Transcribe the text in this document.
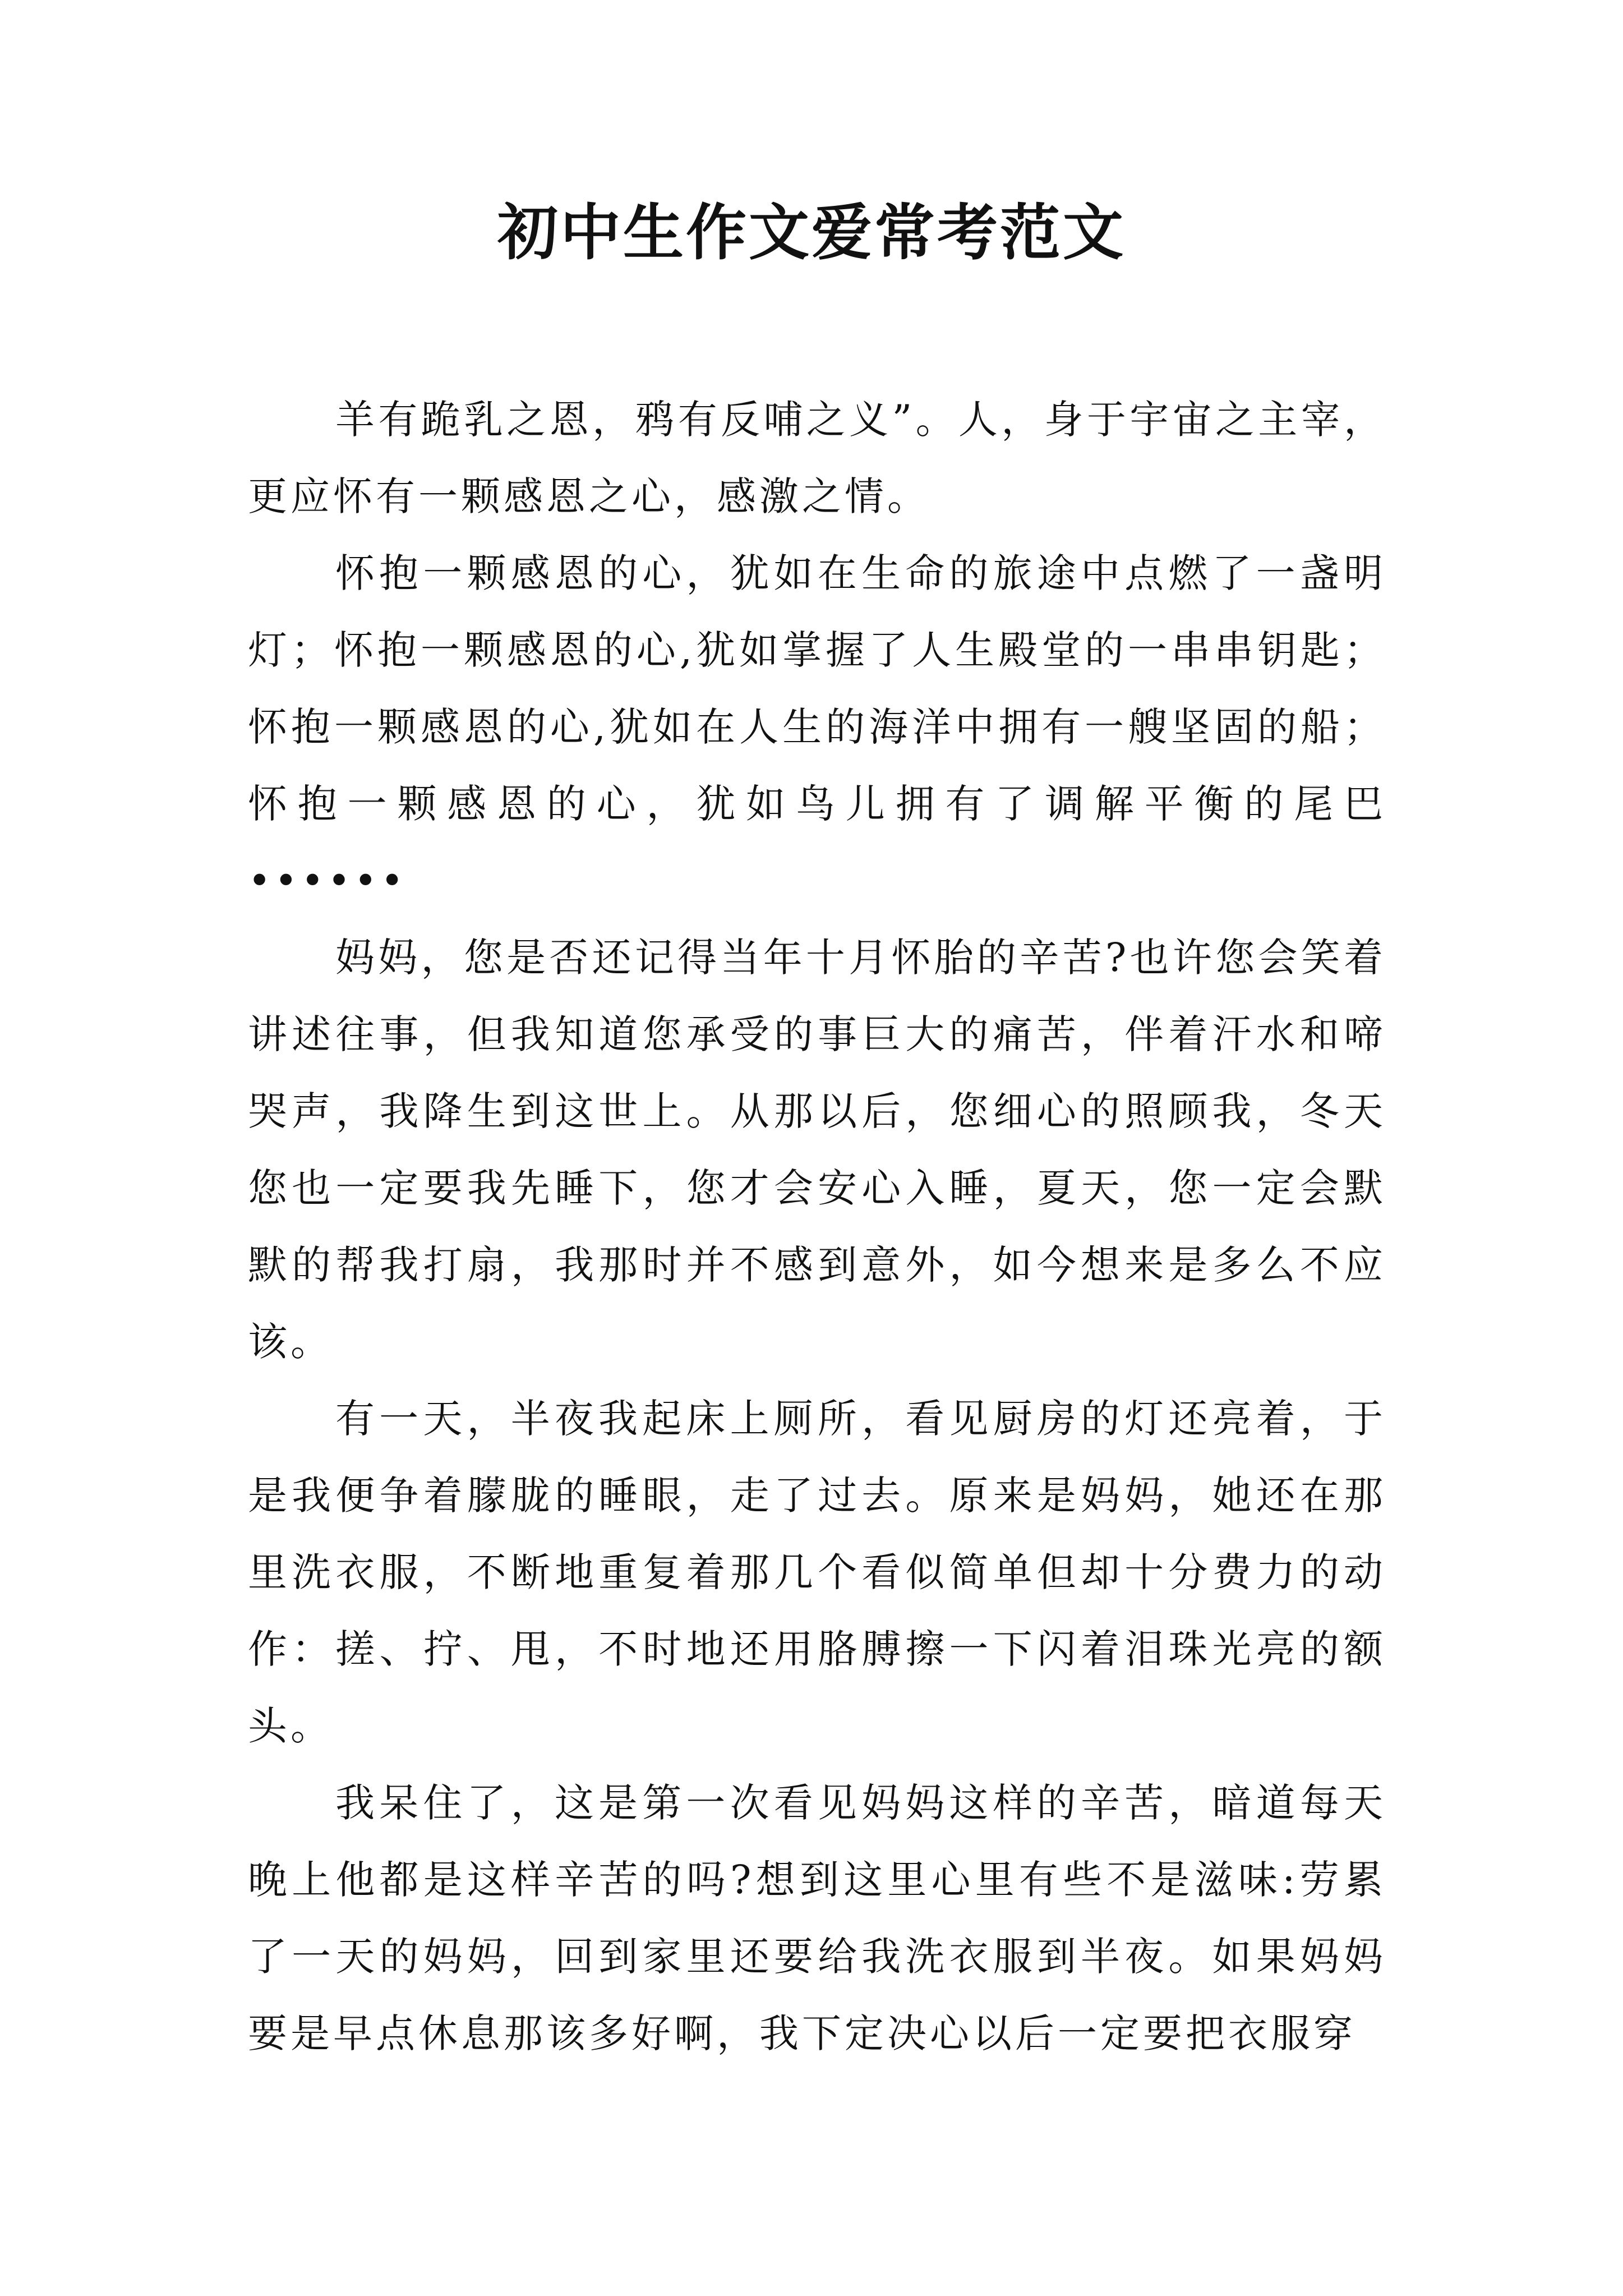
初中生作文爱常考范文

羊有跪乳之恩，鸦有反哺之义”。人，身于宇宙之主宰，更应怀有一颗感恩之心，感激之情。

怀抱一颗感恩的心，犹如在生命的旅途中点燃了一盏明灯；怀抱一颗感恩的心,犹如掌握了人生殿堂的一串串钥匙；怀抱一颗感恩的心,犹如在人生的海洋中拥有一艘坚固的船；怀抱一颗感恩的心，犹如鸟儿拥有了调解平衡的尾巴••••••

妈妈，您是否还记得当年十月怀胎的辛苦?也许您会笑着讲述往事，但我知道您承受的事巨大的痛苦，伴着汗水和啼哭声，我降生到这世上。从那以后，您细心的照顾我，冬天您也一定要我先睡下，您才会安心入睡，夏天，您一定会默默的帮我打扇，我那时并不感到意外，如今想来是多么不应该。

有一天，半夜我起床上厕所，看见厨房的灯还亮着，于是我便争着朦胧的睡眼，走了过去。原来是妈妈，她还在那里洗衣服，不断地重复着那几个看似简单但却十分费力的动作：搓、拧、甩，不时地还用胳膊擦一下闪着泪珠光亮的额头。

我呆住了，这是第一次看见妈妈这样的辛苦，暗道每天晚上他都是这样辛苦的吗?想到这里心里有些不是滋味:劳累了一天的妈妈，回到家里还要给我洗衣服到半夜。如果妈妈要是早点休息那该多好啊，我下定决心以后一定要把衣服穿
